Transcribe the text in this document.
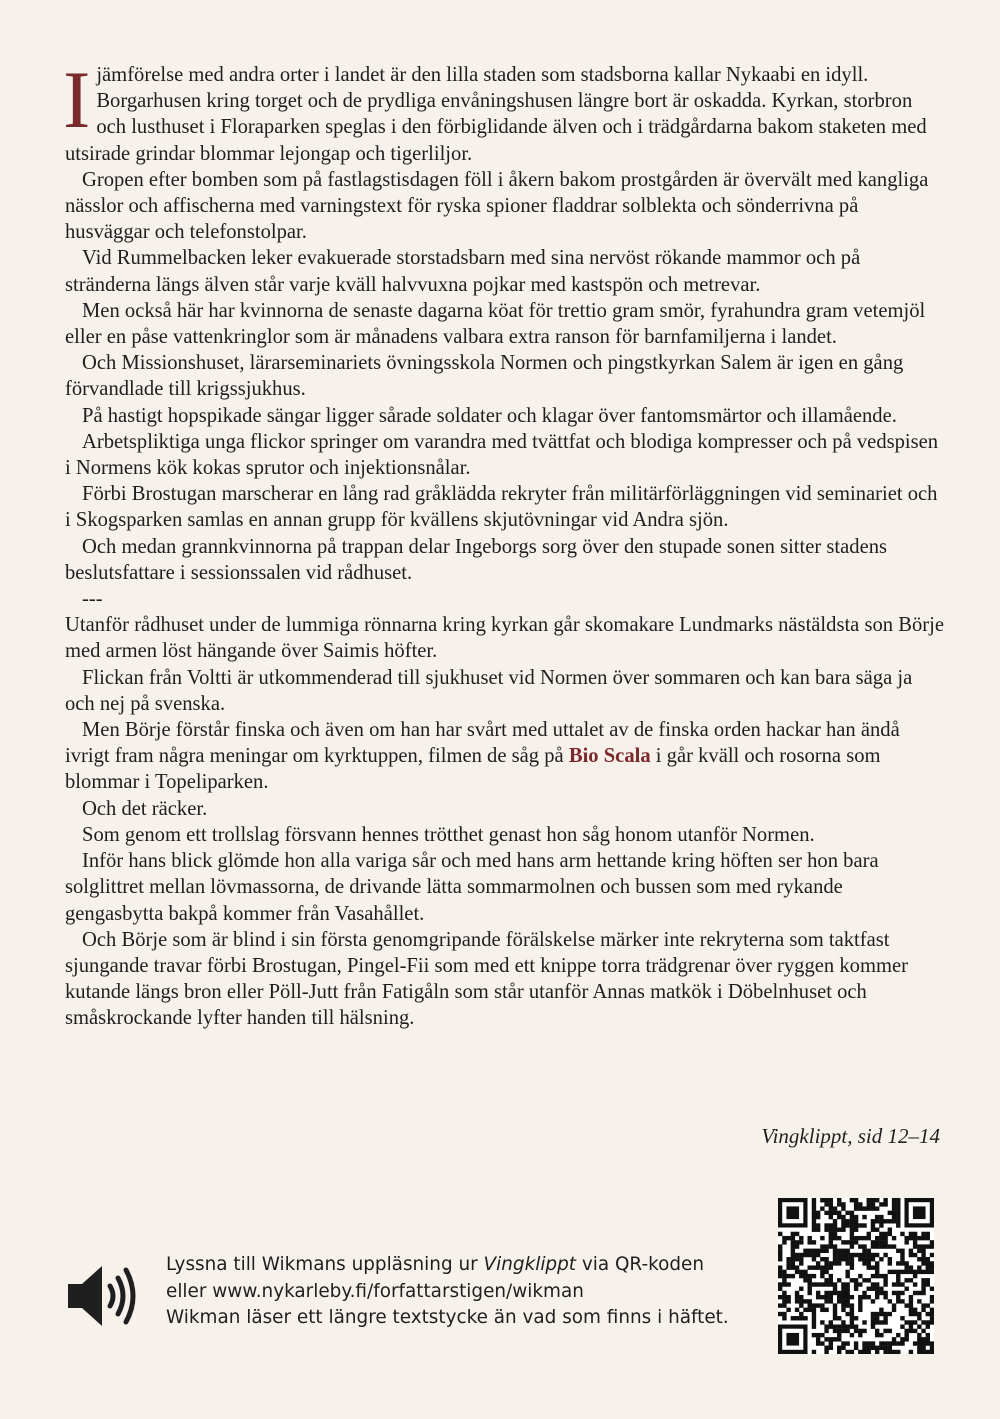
I jämförelse med andra orter i landet är den lilla staden som stadsborna kallar Nykaabi en idyll. Borgarhusen kring torget och de prydliga envåningshusen längre bort är oskadda. Kyrkan, storbron och lusthuset i Floraparken speglas i den förbiglidande älven och i trädgårdarna bakom staketen med utsirade grindar blommar lejongap och tigerliljor.

Gropen efter bomben som på fastlagstisdagen föll i åkern bakom prostgården är övervält med kangliga nässlor och affischerna med varningstext för ryska spioner fladdrar solblekta och sönderrivna på husväggar och telefonstolpar.

Vid Rummelbacken leker evakuerade storstadsbarn med sina nervöst rökande mammor och på stränderna längs älven står varje kväll halvvuxna pojkar med kastspön och metrevar.

Men också här har kvinnorna de senaste dagarna köat för trettio gram smör, fyrahundra gram vetemjöl eller en påse vattenkringlor som är månadens valbara extra ranson för barnfamiljerna i landet.

Och Missionshuset, lärarseminariets övningsskola Normen och pingstkyrkan Salem är igen en gång förvandlade till krigssjukhus.

På hastigt hopspikade sängar ligger sårade soldater och klagar över fantomsmärtor och illamående.

Arbetspliktiga unga flickor springer om varandra med tvättfat och blodiga kompresser och på vedspisen i Normens kök kokas sprutor och injektionsnålar.

Förbi Brostugan marscherar en lång rad gråklädda rekryter från militärförläggningen vid seminariet och i Skogsparken samlas en annan grupp för kvällens skjutövningar vid Andra sjön.

Och medan grannkvinnorna på trappan delar Ingeborgs sorg över den stupade sonen sitter stadens beslutsfattare i sessionssalen vid rådhuset.

---

Utanför rådhuset under de lummiga rönnarna kring kyrkan går skomakare Lundmarks nästäldsta son Börje med armen löst hängande över Saimis höfter.

Flickan från Voltti är utkommenderad till sjukhuset vid Normen över sommaren och kan bara säga ja och nej på svenska.

Men Börje förstår finska och även om han har svårt med uttalet av de finska orden hackar han ändå ivrigt fram några meningar om kyrktuppen, filmen de såg på Bio Scala i går kväll och rosorna som blommar i Topeliparken.

Och det räcker.

Som genom ett trollslag försvann hennes trötthet genast hon såg honom utanför Normen.

Inför hans blick glömde hon alla variga sår och med hans arm hettande kring höften ser hon bara solglittret mellan lövmassorna, de drivande lätta sommarmolnen och bussen som med rykande gengasbytta bakpå kommer från Vasahållet.

Och Börje som är blind i sin första genomgripande förälskelse märker inte rekryterna som taktfast sjungande travar förbi Brostugan, Pingel-Fii som med ett knippe torra trädgrenar över ryggen kommer kutande längs bron eller Pöll-Jutt från Fatigåln som står utanför Annas matkök i Döbelnhuset och småskrockande lyfter handen till hälsning.

Vingklippt, sid 12–14
Lyssna till Wikmans uppläsning ur Vingklippt via QR-koden
eller www.nykarleby.fi/forfattarstigen/wikman
Wikman läser ett längre textstycke än vad som finns i häftet.
